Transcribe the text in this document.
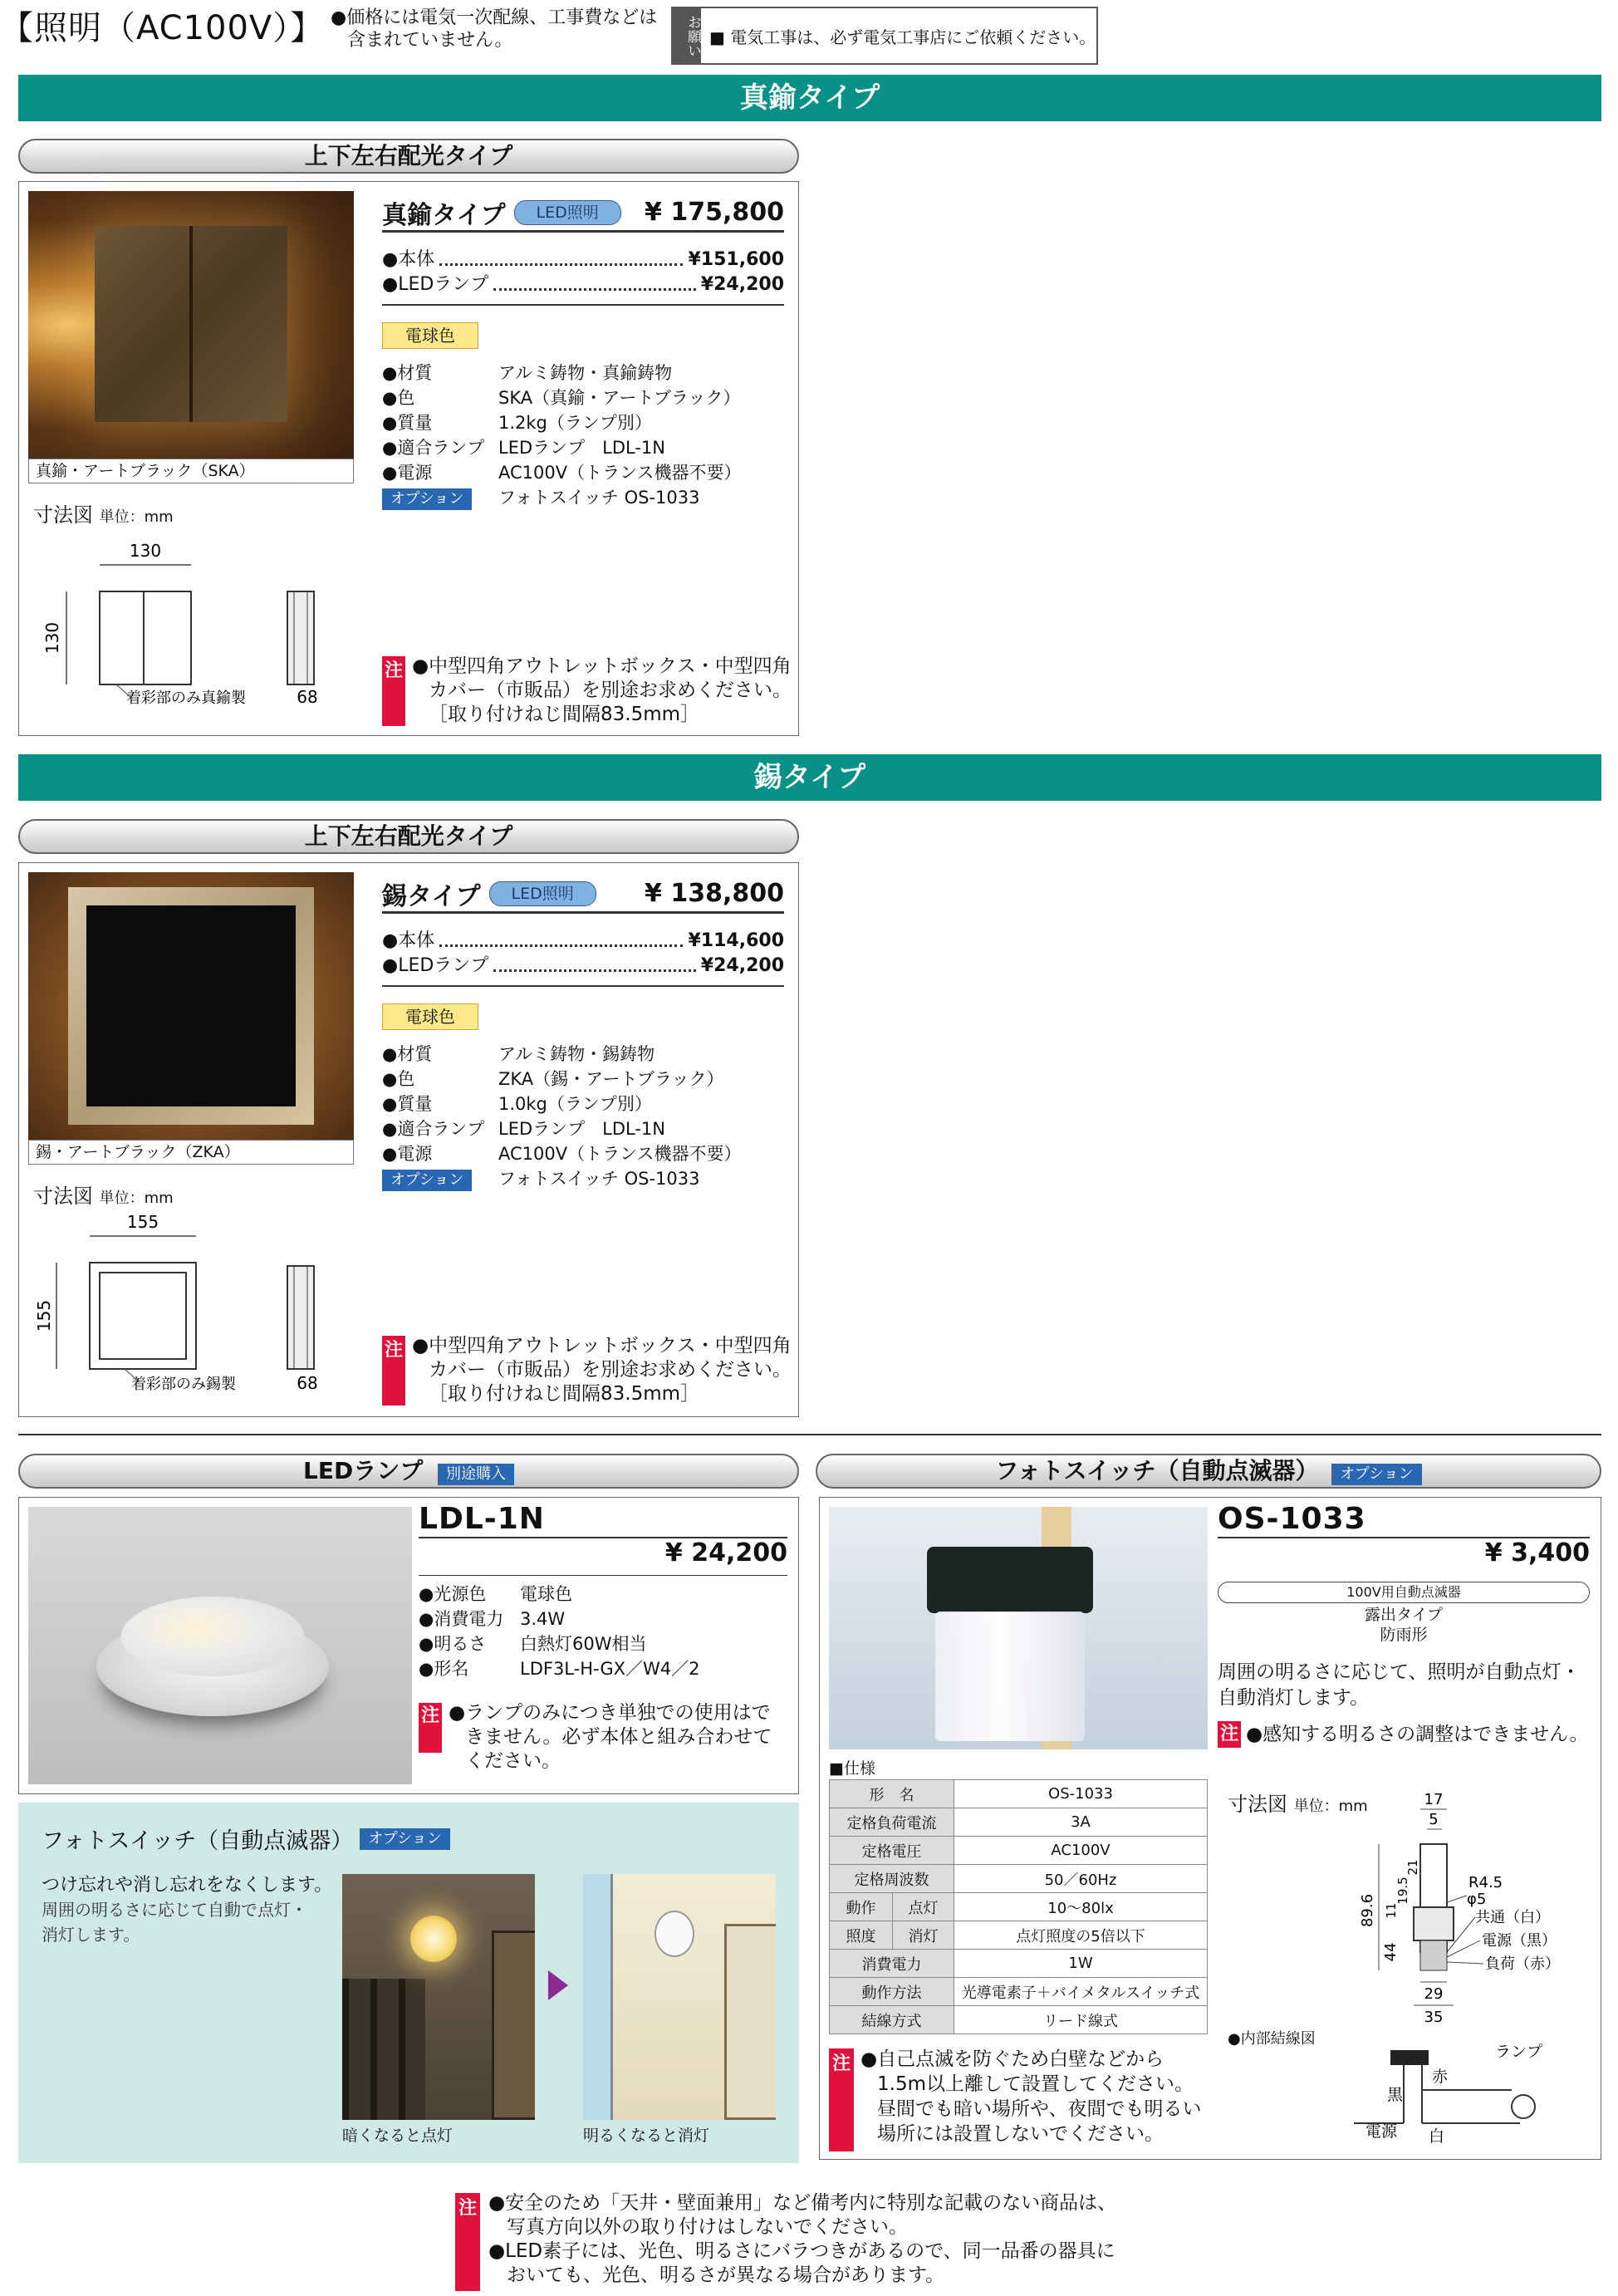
【照明（AC100V）】 ●価格には電気一次配線、工事費などは
含まれていません。	お願い ■ 電気工事は、必ず電気工事店にご依頼ください。
真鍮タイプ
上下左右配光タイプ
真鍮・アートブラック（SKA）
真鍮タイプ	LED照明	¥ 175,800
●本体	¥151,600
●LEDランプ	¥24,200
電球色
●材質	アルミ鋳物・真鍮鋳物
●色	SKA（真鍮・アートブラック）
●質量	1.2kg（ランプ別）
●適合ランプ LEDランプ　LDL-1N
●電源	AC100V（トランス機器不要）
オプション フォトスイッチ OS-1033
寸法図 単位：mm
130
130
着彩部のみ真鍮製	68
注 ●中型四角アウトレットボックス・中型四角
カバー（市販品）を別途お求めください。
［取り付けねじ間隔83.5mm］
錫タイプ
上下左右配光タイプ
錫・アートブラック（ZKA）
錫タイプ	LED照明	¥ 138,800
●本体	¥114,600
●LEDランプ	¥24,200
電球色
●材質	アルミ鋳物・錫鋳物
●色	ZKA（錫・アートブラック）
●質量	1.0kg（ランプ別）
●適合ランプ LEDランプ　LDL-1N
●電源	AC100V（トランス機器不要）
オプション フォトスイッチ OS-1033
寸法図 単位：mm
155
155
着彩部のみ錫製	68
注 ●中型四角アウトレットボックス・中型四角
カバー（市販品）を別途お求めください。
［取り付けねじ間隔83.5mm］
LEDランプ 別途購入
LDL-1N
¥ 24,200
●光源色 電球色
●消費電力 3.4W
●明るさ 白熱灯60W相当
●形名	LDF3L-H-GX／W4／2
注 ●ランプのみにつき単独での使用はで
きません。必ず本体と組み合わせて
ください。
フォトスイッチ（自動点滅器）	オプション
つけ忘れや消し忘れをなくします。
周囲の明るさに応じて自動で点灯・
消灯します。
暗くなると点灯	明るくなると消灯
フォトスイッチ（自動点滅器） オプション
OS-1033
¥ 3,400
100V用自動点滅器
露出タイプ
防雨形
周囲の明るさに応じて、照明が自動点灯・
自動消灯します。
注 ●感知する明るさの調整はできません。
■仕様
形　名		OS-1033
定格負荷電流		3A
定格電圧		AC100V
定格周波数		50／60Hz
動作	点灯	10〜80lx
照度	消灯	点灯照度の5倍以下
消費電力		1W
動作方法		光導電素子＋バイメタルスイッチ式
結線方式		リード線式
注 ●自己点滅を防ぐため白壁などから
1.5m以上離して設置してください。
昼間でも暗い場所や、夜間でも明るい
場所には設置しないでください。
寸法図 単位：mm	17
5
89.6
44
11
19.5
21
R4.5
φ5
共通（白）
電源（黒）
負荷（赤）
29
35
●内部結線図
赤
黒
白
電源
ランプ
注 ●安全のため「天井・壁面兼用」など備考内に特別な記載のない商品は、
写真方向以外の取り付けはしないでください。
●LED素子には、光色、明るさにバラつきがあるので、同一品番の器具に
おいても、光色、明るさが異なる場合があります。
